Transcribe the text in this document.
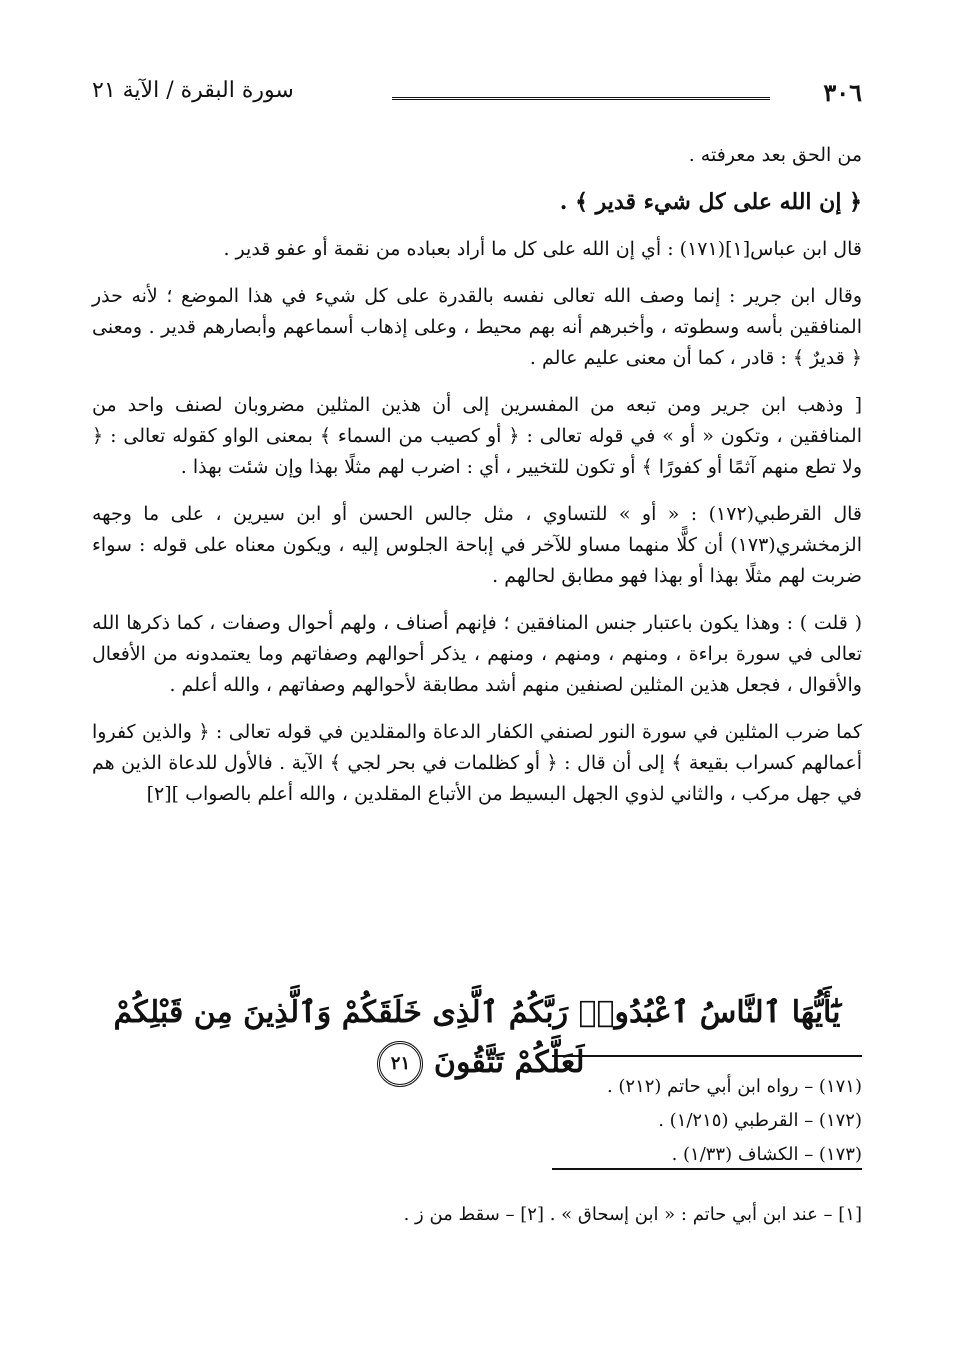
٣٠٦
سورة البقرة / الآية ٢١

من الحق بعد معرفته .

﴿ إن الله على كل شيء قدير ﴾ .

قال ابن عباس[١](١٧١) : أي إن الله على كل ما أراد بعباده من نقمة أو عفو قدير .

وقال ابن جرير : إنما وصف الله تعالى نفسه بالقدرة على كل شيء في هذا الموضع ؛ لأنه حذر المنافقين بأسه وسطوته ، وأخبرهم أنه بهم محيط ، وعلى إذهاب أسماعهم وأبصارهم قدير . ومعنى ﴿ قديرٌ ﴾ : قادر ، كما أن معنى عليم عالم .

[ وذهب ابن جرير ومن تبعه من المفسرين إلى أن هذين المثلين مضروبان لصنف واحد من المنافقين ، وتكون « أو » في قوله تعالى : ﴿ أو كصيب من السماء ﴾ بمعنى الواو كقوله تعالى : ﴿ ولا تطع منهم آثمًا أو كفورًا ﴾ أو تكون للتخيير ، أي : اضرب لهم مثلًا بهذا وإن شئت بهذا .

قال القرطبي(١٧٢) : « أو » للتساوي ، مثل جالس الحسن أو ابن سيرين ، على ما وجهه الزمخشري(١٧٣) أن كلًّا منهما مساو للآخر في إباحة الجلوس إليه ، ويكون معناه على قوله : سواء ضربت لهم مثلًا بهذا أو بهذا فهو مطابق لحالهم .

( قلت ) : وهذا يكون باعتبار جنس المنافقين ؛ فإنهم أصناف ، ولهم أحوال وصفات ، كما ذكرها الله تعالى في سورة براءة ، ومنهم ، ومنهم ، ومنهم ، يذكر أحوالهم وصفاتهم وما يعتمدونه من الأفعال والأقوال ، فجعل هذين المثلين لصنفين منهم أشد مطابقة لأحوالهم وصفاتهم ، والله أعلم .

كما ضرب المثلين في سورة النور لصنفي الكفار الدعاة والمقلدين في قوله تعالى : ﴿ والذين كفروا أعمالهم كسراب بقيعة ﴾ إلى أن قال : ﴿ أو كظلمات في بحر لجي ﴾ الآية . فالأول للدعاة الذين هم في جهل مركب ، والثاني لذوي الجهل البسيط من الأتباع المقلدين ، والله أعلم بالصواب ][٢]

يَٰٓأَيُّهَا ٱلنَّاسُ ٱعْبُدُوا۟ رَبَّكُمُ ٱلَّذِى خَلَقَكُمْ وَٱلَّذِينَ مِن قَبْلِكُمْ لَعَلَّكُمْ تَتَّقُونَ ٢١
(١٧١) – رواه ابن أبي حاتم (٢١٢) .
(١٧٢) – القرطبي (١/٢١٥) .
(١٧٣) – الكشاف (١/٣٣) .
[١] – عند ابن أبي حاتم : « ابن إسحاق » . [٢] – سقط من ز .
